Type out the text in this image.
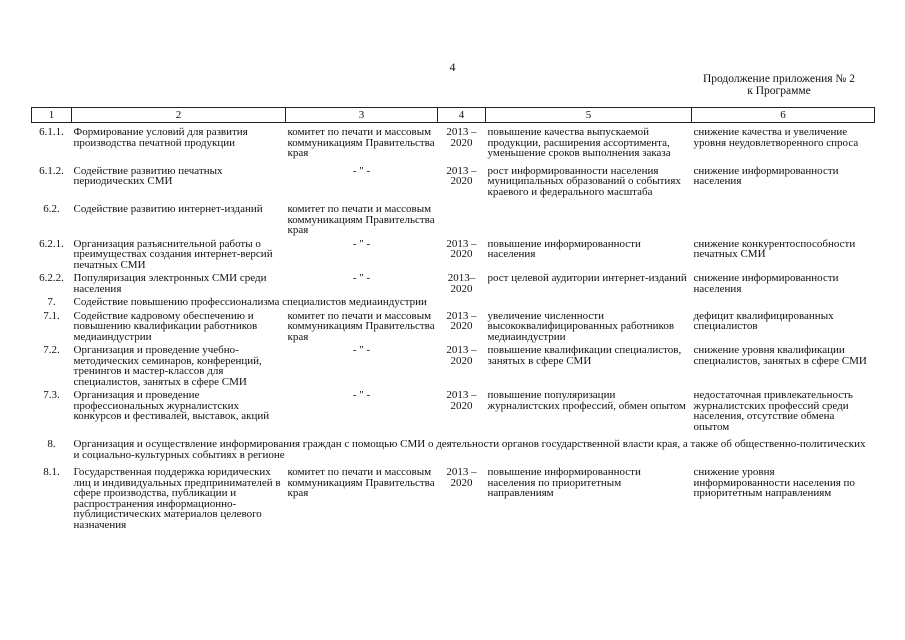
4
Продолжение приложения № 2
к Программе
1	2	3	4	5	6
6.1.1.	Формирование условий для развития производства печатной продукции	комитет по печати и массовым коммуникациям Правительства края	2013 – 2020	повышение качества выпускаемой продукции, расширения ассортимента, уменьшение сроков выполнения заказа	снижение качества и увеличение уровня неудовлетворенного спроса
6.1.2.	Содействие развитию печатных периодических СМИ	- " -	2013 – 2020	рост информированности населения муниципальных образований о событиях краевого и федерального масштаба	снижение информированности населения
6.2.	Содействие развитию интернет-изданий	комитет по печати и массовым коммуникациям Правительства края			
6.2.1.	Организация разъяснительной работы о преимуществах создания интернет-версий печатных СМИ	- " -	2013 – 2020	повышение информированности населения	снижение конкурентоспособности печатных СМИ
6.2.2.	Популяризация электронных СМИ среди населения	- " -	2013– 2020	рост целевой аудитории интернет-изданий	снижение информированности населения
7.	Содействие повышению профессионализма специалистов медиаиндустрии				
7.1.	Содействие кадровому обеспечению и повышению квалификации работников медиаиндустрии	комитет по печати и массовым коммуникациям Правительства края	2013 – 2020	увеличение численности высококвалифицированных работников медиаиндустрии	дефицит квалифицированных специалистов
7.2.	Организация и проведение учебно-методических семинаров, конференций, тренингов и мастер-классов для специалистов, занятых в сфере СМИ	- " -	2013 – 2020	повышение квалификации специалистов, занятых в сфере СМИ	снижение уровня квалификации специалистов, занятых в сфере СМИ
7.3.	Организация и проведение профессиональных журналистских конкурсов и фестивалей, выставок, акций	- " -	2013 – 2020	повышение популяризации журналистских профессий, обмен опытом	недостаточная привлекательность журналистских профессий среди населения, отсутствие обмена опытом
8.	Организация и осуществление информирования граждан с помощью СМИ о деятельности органов государственной власти края, а также об общественно-политических и социально-культурных событиях в регионе				
8.1.	Государственная поддержка юридических лиц и индивидуальных предпринимателей в сфере производства, публикации и распространения информационно-публицистических материалов целевого назначения	комитет по печати и массовым коммуникациям Правительства края	2013 – 2020	повышение информированности населения по приоритетным направлениям	снижение уровня информированности населения по приоритетным направлениям
